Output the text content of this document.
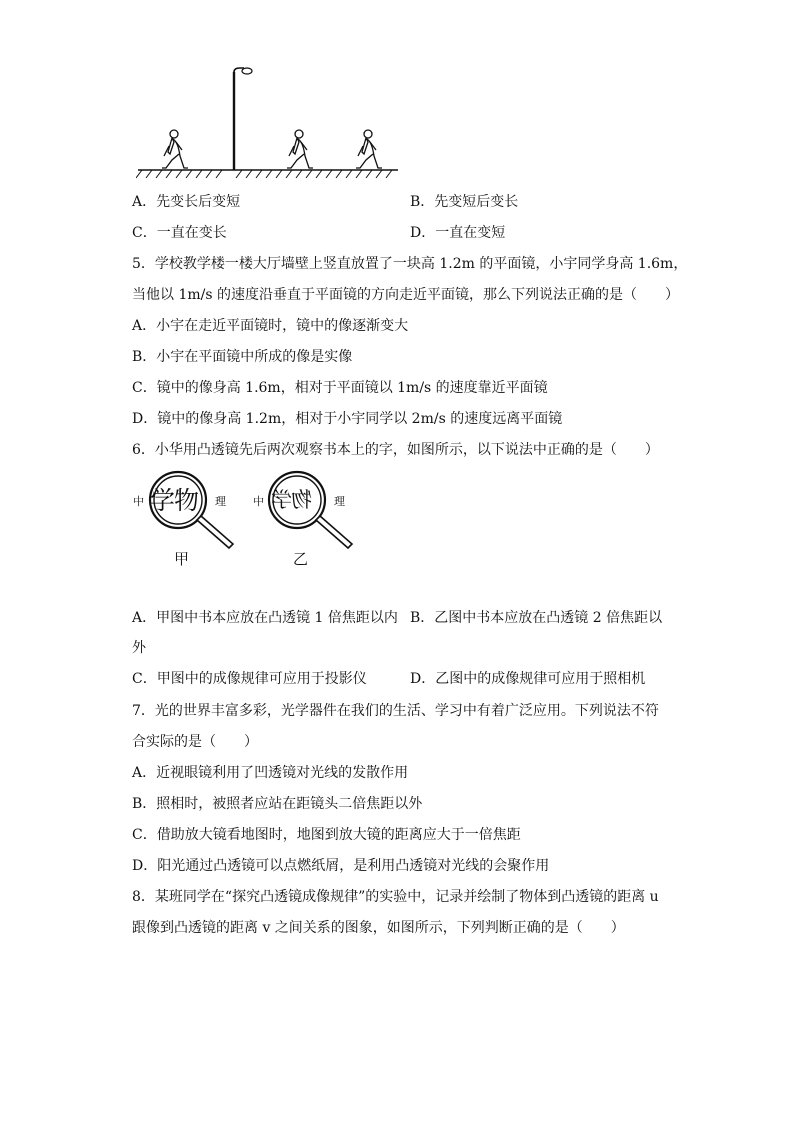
A．先变长后变短	B．先变短后变长
C．一直在变长	D．一直在变短
5．学校教学楼一楼大厅墙壁上竖直放置了一块高 1.2m 的平面镜，小宇同学身高 1.6m，
当他以 1m/s 的速度沿垂直于平面镜的方向走近平面镜，那么下列说法正确的是（　　）
A．小宇在走近平面镜时，镜中的像逐渐变大
B．小宇在平面镜中所成的像是实像
C．镜中的像身高 1.6m，相对于平面镜以 1m/s 的速度靠近平面镜
D．镜中的像身高 1.2m，相对于小宇同学以 2m/s 的速度远离平面镜
6．小华用凸透镜先后两次观察书本上的字，如图所示，以下说法中正确的是（　　）
中	理 中	理
学物	物学
甲	乙
A．甲图中书本应放在凸透镜 1 倍焦距以内 B．乙图中书本应放在凸透镜 2 倍焦距以
外
C．甲图中的成像规律可应用于投影仪	D．乙图中的成像规律可应用于照相机
7．光的世界丰富多彩，光学器件在我们的生活、学习中有着广泛应用。下列说法不符
合实际的是（　　）
A．近视眼镜利用了凹透镜对光线的发散作用
B．照相时，被照者应站在距镜头二倍焦距以外
C．借助放大镜看地图时，地图到放大镜的距离应大于一倍焦距
D．阳光通过凸透镜可以点燃纸屑，是利用凸透镜对光线的会聚作用
8．某班同学在“探究凸透镜成像规律”的实验中，记录并绘制了物体到凸透镜的距离 u
跟像到凸透镜的距离 v 之间关系的图象，如图所示，下列判断正确的是（　　）
